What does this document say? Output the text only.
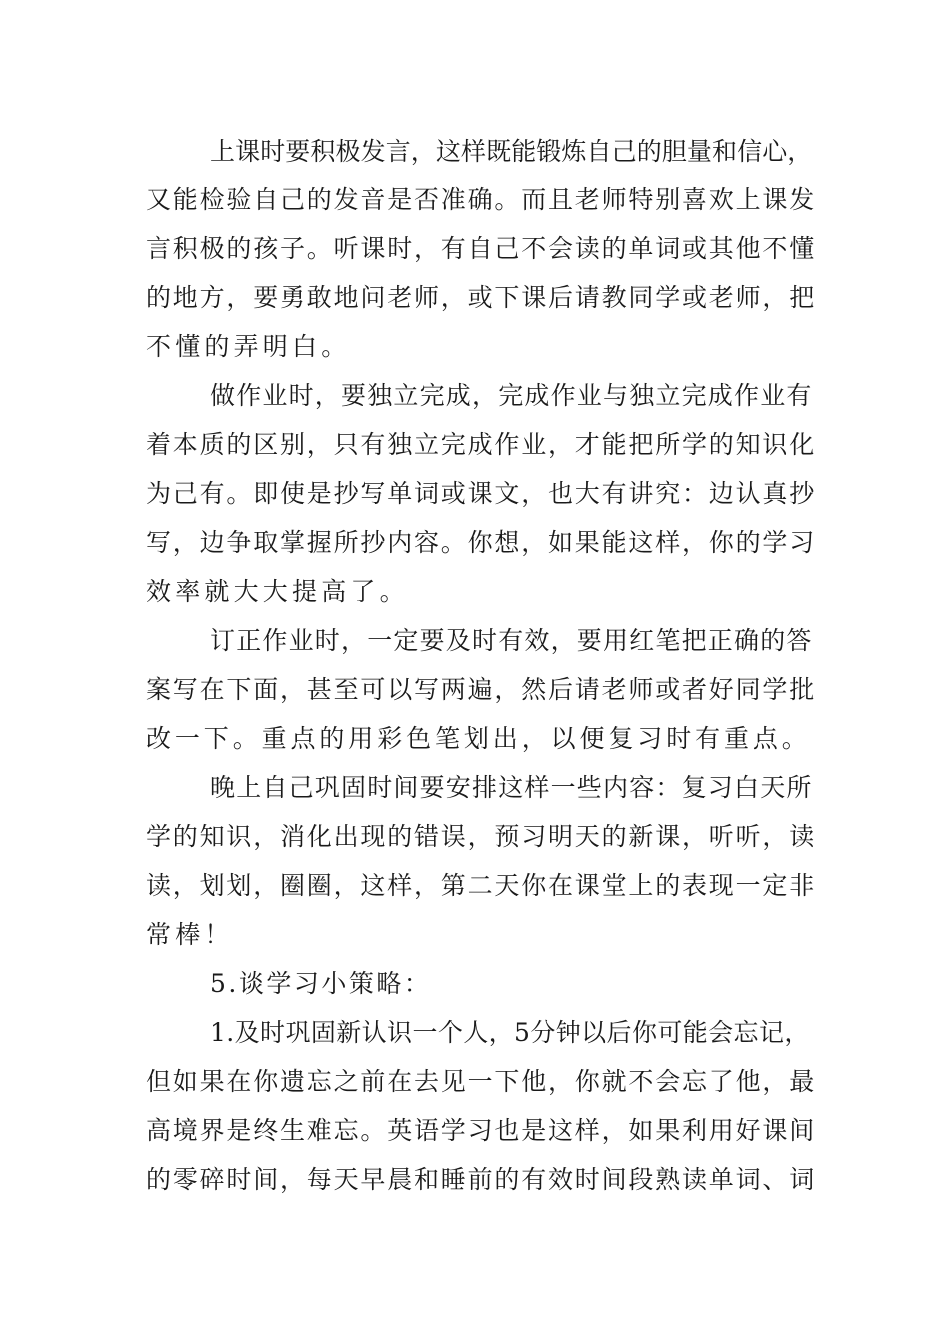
上课时要积极发言，这样既能锻炼自己的胆量和信心，
又能检验自己的发音是否准确。而且老师特别喜欢上课发
言积极的孩子。听课时，有自己不会读的单词或其他不懂
的地方，要勇敢地问老师，或下课后请教同学或老师，把
不懂的弄明白。
做作业时，要独立完成，完成作业与独立完成作业有
着本质的区别，只有独立完成作业，才能把所学的知识化
为己有。即使是抄写单词或课文，也大有讲究：边认真抄
写，边争取掌握所抄内容。你想，如果能这样，你的学习
效率就大大提高了。
订正作业时，一定要及时有效，要用红笔把正确的答
案写在下面，甚至可以写两遍，然后请老师或者好同学批
改一下。重点的用彩色笔划出，以便复习时有重点。
晚上自己巩固时间要安排这样一些内容：复习白天所
学的知识，消化出现的错误，预习明天的新课，听听，读
读，划划，圈圈，这样，第二天你在课堂上的表现一定非
常棒！
5.谈学习小策略：
1.及时巩固新认识一个人，5分钟以后你可能会忘记，
但如果在你遗忘之前在去见一下他，你就不会忘了他，最
高境界是终生难忘。英语学习也是这样，如果利用好课间
的零碎时间，每天早晨和睡前的有效时间段熟读单词、词
